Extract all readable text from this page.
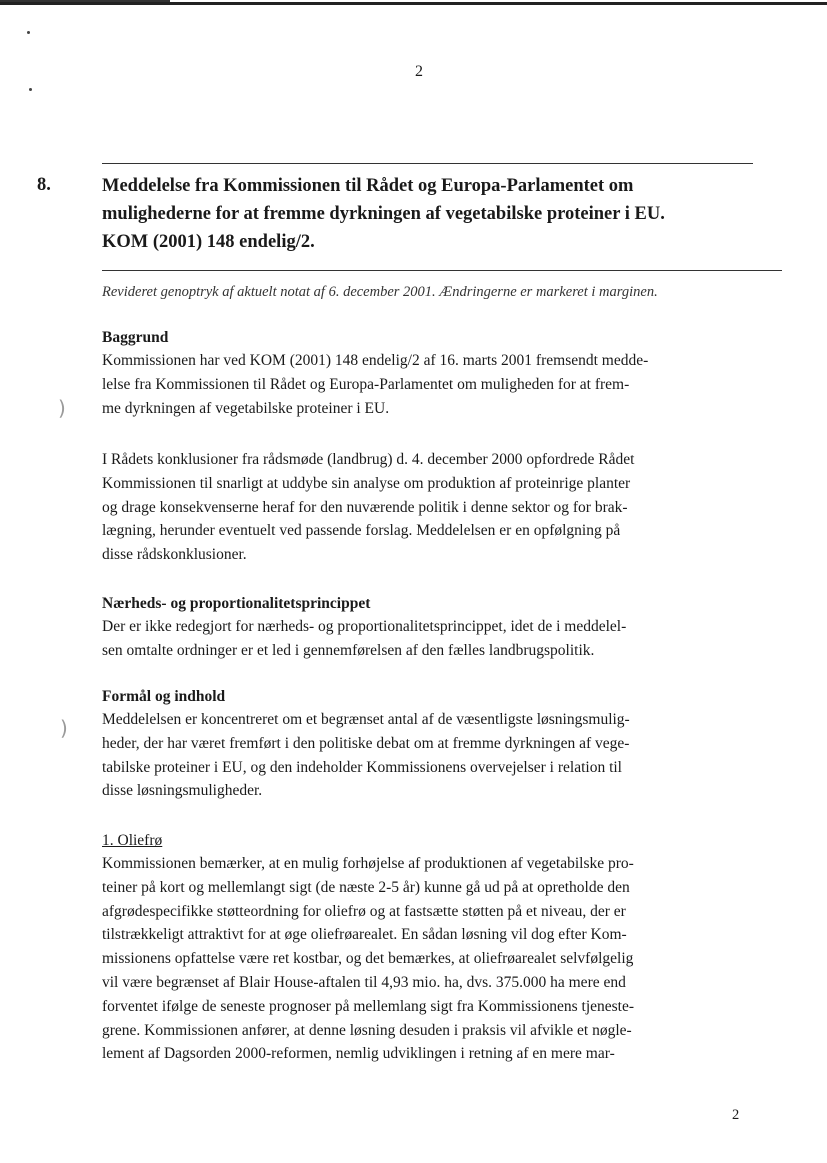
)
)
2
8.	Meddelelse fra Kommissionen til Rådet og Europa-Parlamentet om
mulighederne for at fremme dyrkningen af vegetabilske proteiner i EU.
KOM (2001) 148 endelig/2.
Revideret genoptryk af aktuelt notat af 6. december 2001. Ændringerne er markeret i marginen.

Baggrund

Kommissionen har ved KOM (2001) 148 endelig/2 af 16. marts 2001 fremsendt medde-
lelse fra Kommissionen til Rådet og Europa-Parlamentet om muligheden for at frem-
me dyrkningen af vegetabilske proteiner i EU.

I Rådets konklusioner fra rådsmøde (landbrug) d. 4. december 2000 opfordrede Rådet
Kommissionen til snarligt at uddybe sin analyse om produktion af proteinrige planter
og drage konsekvenserne heraf for den nuværende politik i denne sektor og for brak-
lægning, herunder eventuelt ved passende forslag. Meddelelsen er en opfølgning på
disse rådskonklusioner.

Nærheds- og proportionalitetsprincippet

Der er ikke redegjort for nærheds- og proportionalitetsprincippet, idet de i meddelel-
sen omtalte ordninger er et led i gennemførelsen af den fælles landbrugspolitik.

Formål og indhold

Meddelelsen er koncentreret om et begrænset antal af de væsentligste løsningsmulig-
heder, der har været fremført i den politiske debat om at fremme dyrkningen af vege-
tabilske proteiner i EU, og den indeholder Kommissionens overvejelser i relation til
disse løsningsmuligheder.

1. Oliefrø

Kommissionen bemærker, at en mulig forhøjelse af produktionen af vegetabilske pro-
teiner på kort og mellemlangt sigt (de næste 2-5 år) kunne gå ud på at opretholde den
afgrødespecifikke støtteordning for oliefrø og at fastsætte støtten på et niveau, der er
tilstrækkeligt attraktivt for at øge oliefrøarealet. En sådan løsning vil dog efter Kom-
missionens opfattelse være ret kostbar, og det bemærkes, at oliefrøarealet selvfølgelig
vil være begrænset af Blair House-aftalen til 4,93 mio. ha, dvs. 375.000 ha mere end
forventet ifølge de seneste prognoser på mellemlang sigt fra Kommissionens tjeneste-
grene. Kommissionen anfører, at denne løsning desuden i praksis vil afvikle et nøgle-
lement af Dagsorden 2000-reformen, nemlig udviklingen i retning af en mere mar-

2
